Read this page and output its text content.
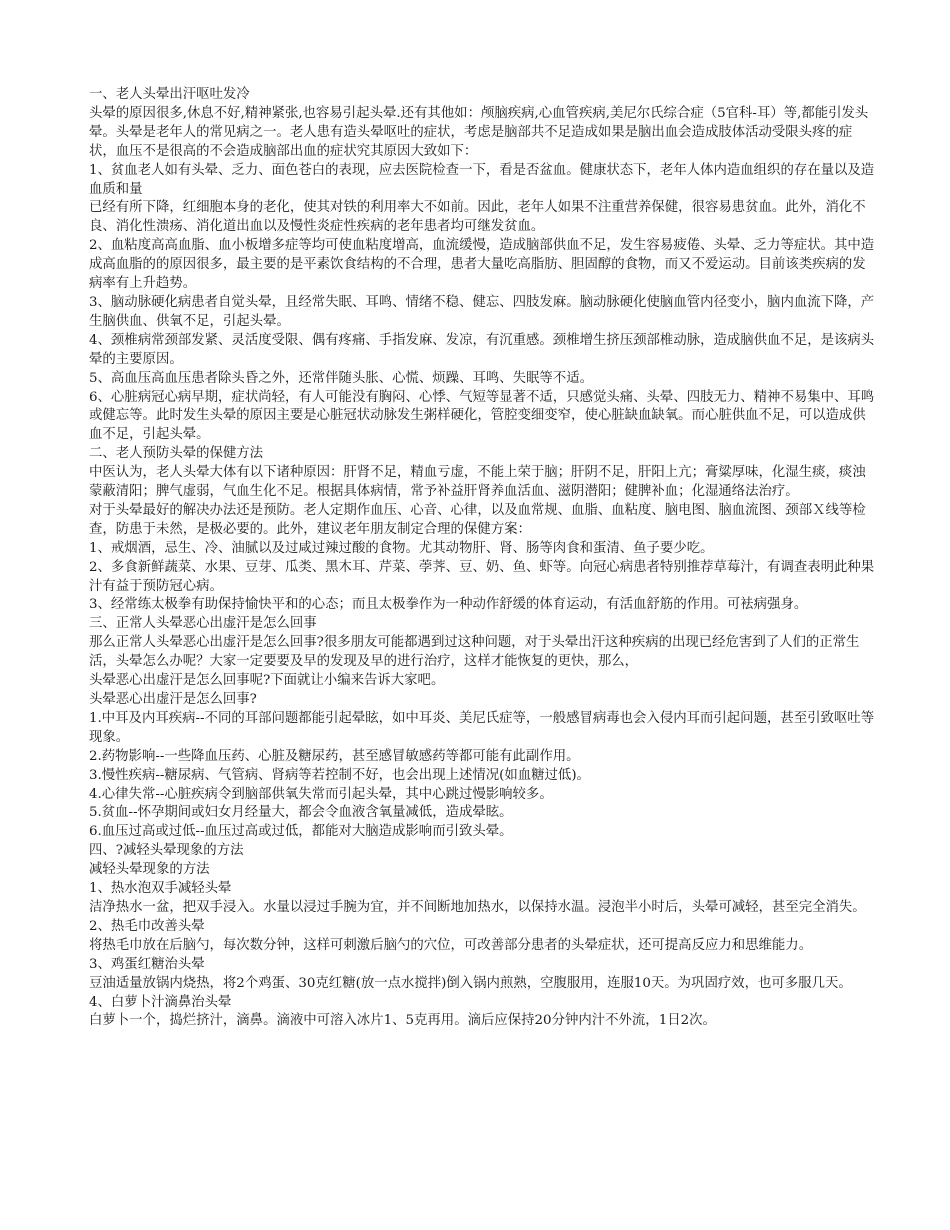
一、老人头晕出汗呕吐发冷

头晕的原因很多,休息不好,精神紧张,也容易引起头晕.还有其他如：颅脑疾病,心血管疾病,美尼尔氏综合症（5官科-耳）等,都能引发头晕。头晕是老年人的常见病之一。老人患有造头晕呕吐的症状，考虑是脑部共不足造成如果是脑出血会造成肢体活动受限头疼的症状，血压不是很高的不会造成脑部出血的症状究其原因大致如下：

1、贫血老人如有头晕、乏力、面色苍白的表现，应去医院检查一下，看是否盆血。健康状态下，老年人体内造血组织的存在量以及造血质和量

已经有所下降，红细胞本身的老化，使其对铁的利用率大不如前。因此，老年人如果不注重营养保健，很容易患贫血。此外，消化不良、消化性溃疡、消化道出血以及慢性炎症性疾病的老年患者均可继发贫血。

2、血粘度高高血脂、血小板增多症等均可使血粘度增高，血流缓慢，造成脑部供血不足，发生容易疲倦、头晕、乏力等症状。其中造成高血脂的的原因很多，最主要的是平素饮食结构的不合理，患者大量吃高脂肪、胆固醇的食物，而又不爱运动。目前该类疾病的发病率有上升趋势。

3、脑动脉硬化病患者自觉头晕，且经常失眠、耳鸣、情绪不稳、健忘、四肢发麻。脑动脉硬化使脑血管内径变小，脑内血流下降，产生脑供血、供氧不足，引起头晕。

4、颈椎病常颈部发紧、灵活度受限、偶有疼痛、手指发麻、发凉，有沉重感。颈椎增生挤压颈部椎动脉，造成脑供血不足，是该病头晕的主要原因。

5、高血压高血压患者除头昏之外，还常伴随头胀、心慌、烦躁、耳鸣、失眠等不适。

6、心脏病冠心病早期，症状尚轻，有人可能没有胸闷、心悸、气短等显著不适，只感觉头痛、头晕、四肢无力、精神不易集中、耳鸣或健忘等。此时发生头晕的原因主要是心脏冠状动脉发生粥样硬化，管腔变细变窄，使心脏缺血缺氧。而心脏供血不足，可以造成供血不足，引起头晕。

二、老人预防头晕的保健方法

中医认为，老人头晕大体有以下诸种原因：肝肾不足，精血亏虚，不能上荣于脑；肝阴不足，肝阳上亢；膏粱厚味，化湿生痰，痰浊蒙蔽清阳；脾气虚弱，气血生化不足。根据具体病情，常予补益肝肾养血活血、滋阴潜阳；健脾补血；化湿通络法治疗。

对于头晕最好的解决办法还是预防。老人定期作血压、心音、心律，以及血常规、血脂、血粘度、脑电图、脑血流图、颈部Ｘ线等检查，防患于未然，是极必要的。此外，建议老年朋友制定合理的保健方案：

1、戒烟酒，忌生、冷、油腻以及过咸过辣过酸的食物。尤其动物肝、肾、肠等肉食和蛋清、鱼子要少吃。

2、多食新鲜蔬菜、水果、豆芽、瓜类、黑木耳、芹菜、荸荠、豆、奶、鱼、虾等。向冠心病患者特别推荐草莓汁，有调查表明此种果汁有益于预防冠心病。

3、经常练太极拳有助保持愉快平和的心态；而且太极拳作为一种动作舒缓的体育运动，有活血舒筋的作用。可袪病强身。

三、正常人头晕恶心出虚汗是怎么回事

那么正常人头晕恶心出虚汗是怎么回事?很多朋友可能都遇到过这种问题，对于头晕出汗这种疾病的出现已经危害到了人们的正常生活，头晕怎么办呢？大家一定要要及早的发现及早的进行治疗，这样才能恢复的更快，那么，

头晕恶心出虚汗是怎么回事呢?下面就让小编来告诉大家吧。

头晕恶心出虚汗是怎么回事?

1.中耳及内耳疾病--不同的耳部问题都能引起晕眩，如中耳炎、美尼氏症等，一般感冒病毒也会入侵内耳而引起问题，甚至引致呕吐等现象。

2.药物影响--一些降血压药、心脏及糖尿药，甚至感冒敏感药等都可能有此副作用。

3.慢性疾病--糖尿病、气管病、肾病等若控制不好，也会出现上述情况(如血糖过低)。

4.心律失常--心脏疾病令到脑部供氧失常而引起头晕，其中心跳过慢影响较多。

5.贫血--怀孕期间或妇女月经量大，都会令血液含氧量减低，造成晕眩。

6.血压过高或过低--血压过高或过低，都能对大脑造成影响而引致头晕。

四、?减轻头晕现象的方法

减轻头晕现象的方法

1、热水泡双手减轻头晕

洁净热水一盆，把双手浸入。水量以浸过手腕为宜，并不间断地加热水，以保持水温。浸泡半小时后，头晕可减轻，甚至完全消失。

2、热毛巾改善头晕

将热毛巾放在后脑勺，每次数分钟，这样可刺激后脑勺的穴位，可改善部分患者的头晕症状，还可提高反应力和思维能力。

3、鸡蛋红糖治头晕

豆油适量放锅内烧热，将2个鸡蛋、30克红糖(放一点水搅拌)倒入锅内煎熟，空腹服用，连服10天。为巩固疗效，也可多服几天。

4、白萝卜汁滴鼻治头晕

白萝卜一个，捣烂挤汁，滴鼻。滴液中可溶入冰片1、5克再用。滴后应保持20分钟内汁不外流，1日2次。
